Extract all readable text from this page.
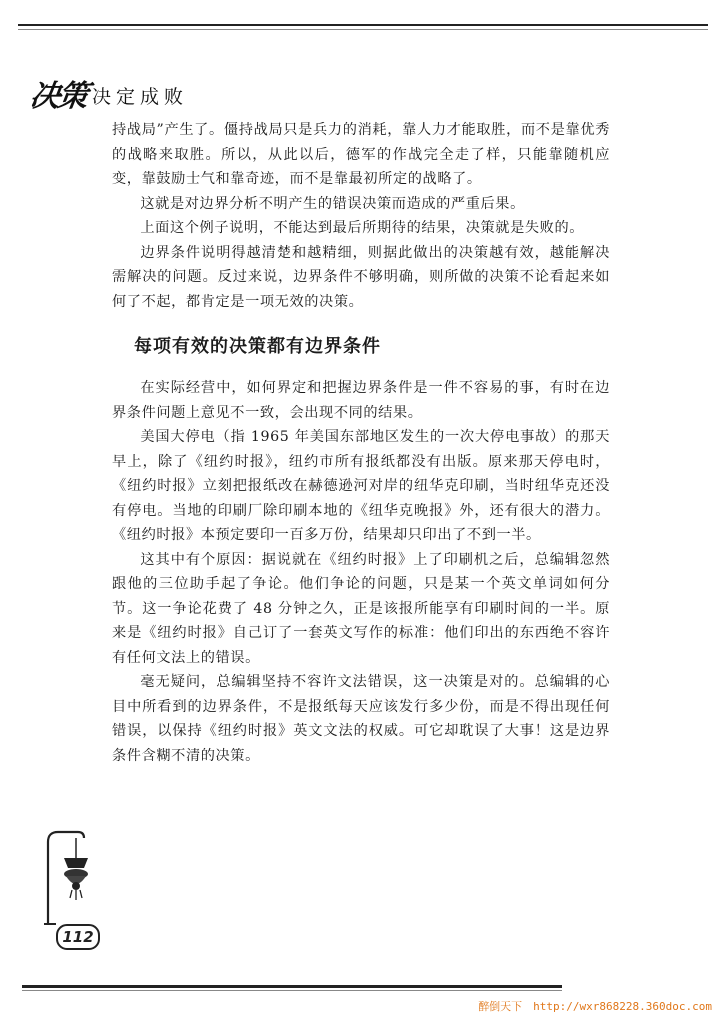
决策 决定成败

持战局”产生了。僵持战局只是兵力的消耗，靠人力才能取胜，而不是靠优秀的战略来取胜。所以，从此以后，德军的作战完全走了样，只能靠随机应变，靠鼓励士气和靠奇迹，而不是靠最初所定的战略了。

这就是对边界分析不明产生的错误决策而造成的严重后果。

上面这个例子说明，不能达到最后所期待的结果，决策就是失败的。

边界条件说明得越清楚和越精细，则据此做出的决策越有效，越能解决需解决的问题。反过来说，边界条件不够明确，则所做的决策不论看起来如何了不起，都肯定是一项无效的决策。

每项有效的决策都有边界条件

在实际经营中，如何界定和把握边界条件是一件不容易的事，有时在边界条件问题上意见不一致，会出现不同的结果。

美国大停电（指 1965 年美国东部地区发生的一次大停电事故）的那天早上，除了《纽约时报》，纽约市所有报纸都没有出版。原来那天停电时，《纽约时报》立刻把报纸改在赫德逊河对岸的纽华克印刷，当时纽华克还没有停电。当地的印刷厂除印刷本地的《纽华克晚报》外，还有很大的潜力。《纽约时报》本预定要印一百多万份，结果却只印出了不到一半。

这其中有个原因：据说就在《纽约时报》上了印刷机之后，总编辑忽然跟他的三位助手起了争论。他们争论的问题，只是某一个英文单词如何分节。这一争论花费了 48 分钟之久，正是该报所能享有印刷时间的一半。原来是《纽约时报》自己订了一套英文写作的标准：他们印出的东西绝不容许有任何文法上的错误。

毫无疑问，总编辑坚持不容许文法错误，这一决策是对的。总编辑的心目中所看到的边界条件，不是报纸每天应该发行多少份，而是不得出现任何错误，以保持《纽约时报》英文文法的权威。可它却耽误了大事！这是边界条件含糊不清的决策。

112
醉倒天下　http://wxr868228.360doc.com
